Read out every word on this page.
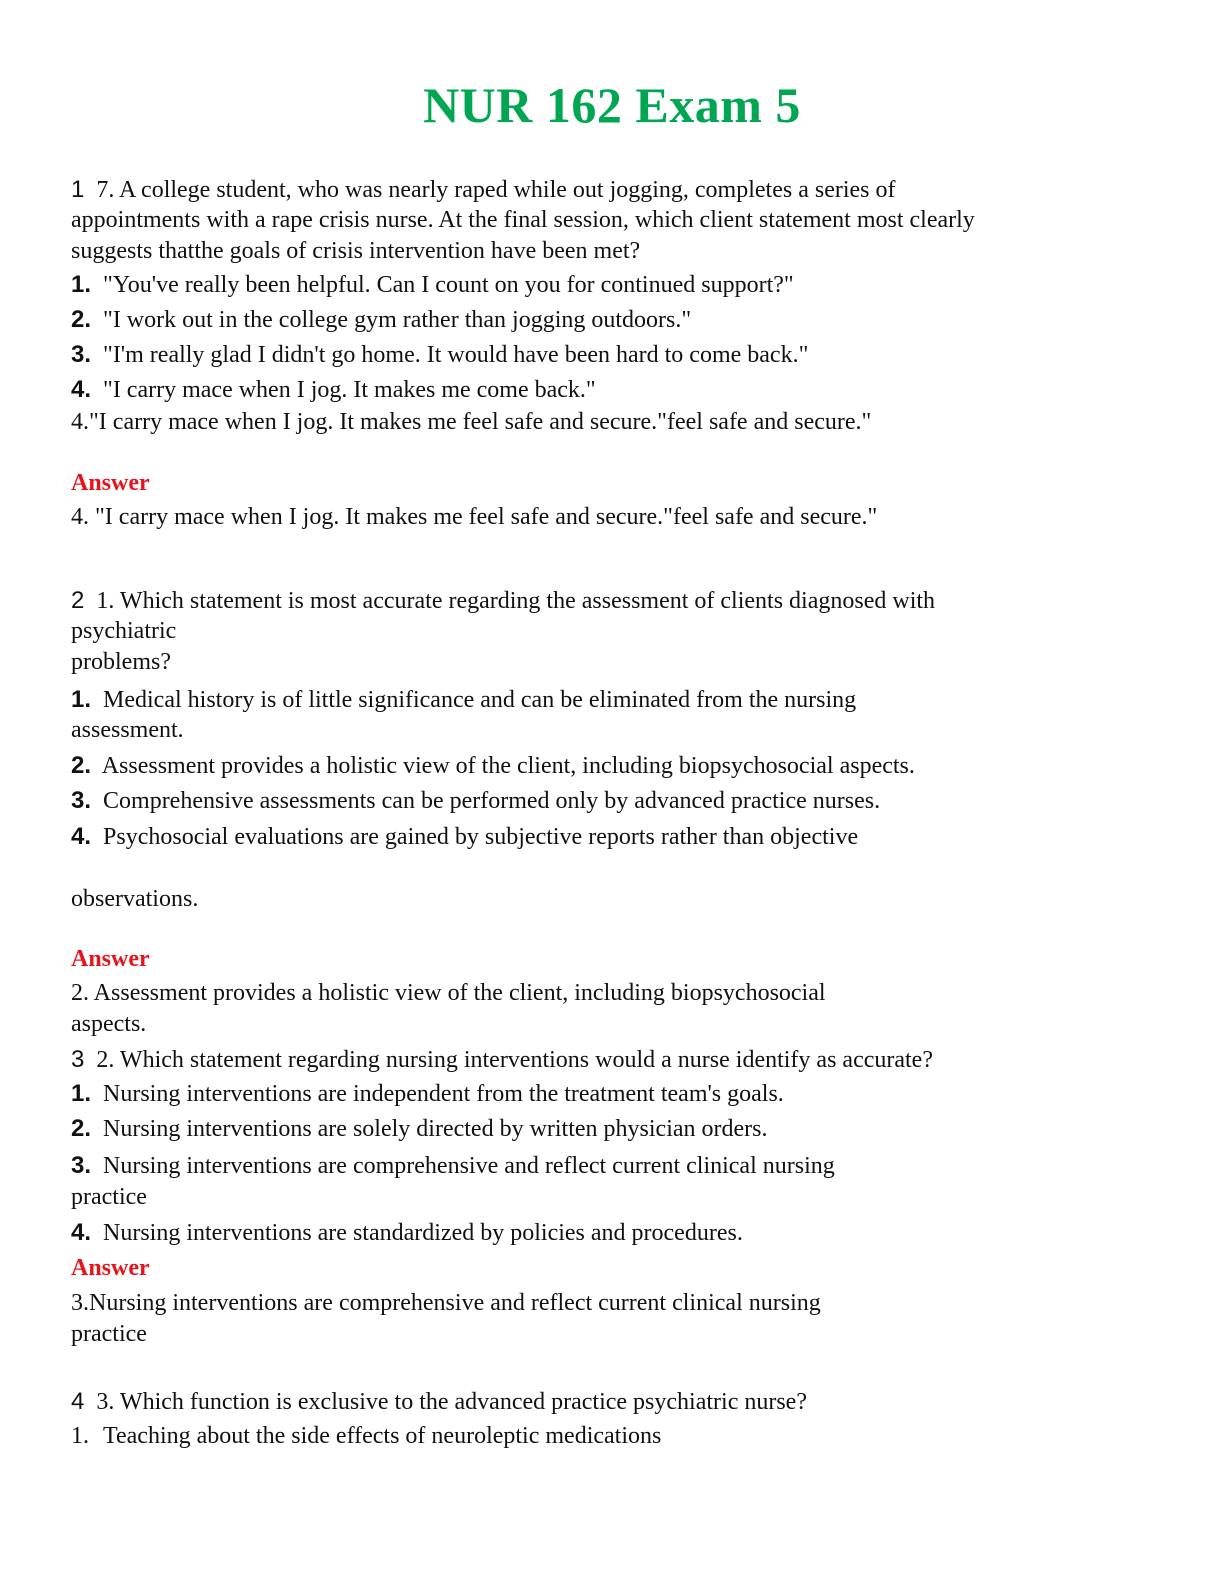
NUR 162 Exam 5
1 7. A college student, who was nearly raped while out jogging, completes a series of
appointments with a rape crisis nurse. At the final session, which client statement most clearly
suggests thatthe goals of crisis intervention have been met?
1. "You've really been helpful. Can I count on you for continued support?"
2. "I work out in the college gym rather than jogging outdoors."
3. "I'm really glad I didn't go home. It would have been hard to come back."
4. "I carry mace when I jog. It makes me come back."
4."I carry mace when I jog. It makes me feel safe and secure."feel safe and secure."
Answer
4. "I carry mace when I jog. It makes me feel safe and secure."feel safe and secure."
2 1. Which statement is most accurate regarding the assessment of clients diagnosed with
psychiatric
problems?
1. Medical history is of little significance and can be eliminated from the nursing
assessment.
2. Assessment provides a holistic view of the client, including biopsychosocial aspects.
3. Comprehensive assessments can be performed only by advanced practice nurses.
4. Psychosocial evaluations are gained by subjective reports rather than objective
observations.
Answer
2. Assessment provides a holistic view of the client, including biopsychosocial
aspects.
3 2. Which statement regarding nursing interventions would a nurse identify as accurate?
1. Nursing interventions are independent from the treatment team's goals.
2. Nursing interventions are solely directed by written physician orders.
3. Nursing interventions are comprehensive and reflect current clinical nursing
practice
4. Nursing interventions are standardized by policies and procedures.
Answer
3.Nursing interventions are comprehensive and reflect current clinical nursing
practice
4 3. Which function is exclusive to the advanced practice psychiatric nurse?
1. Teaching about the side effects of neuroleptic medications
